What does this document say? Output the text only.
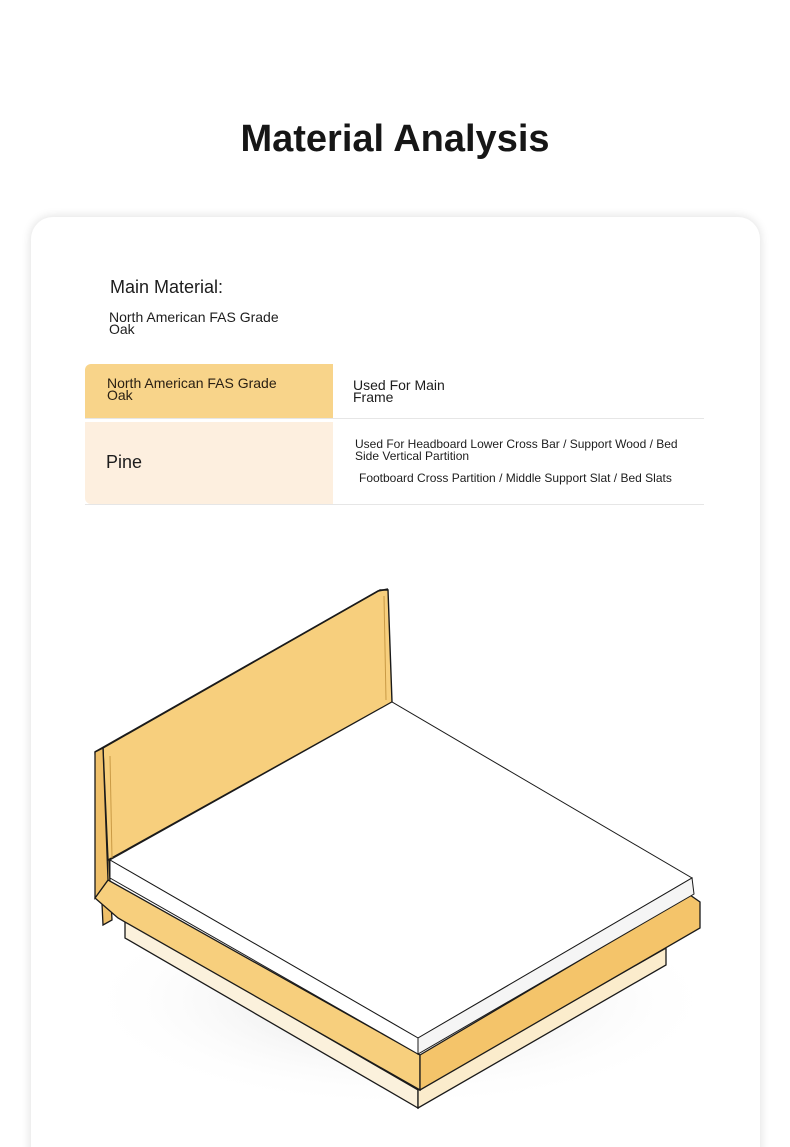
Material Analysis
Main Material:
North American FAS Grade Oak
North American FAS Grade Oak
Used For Main Frame
Pine
Used For Headboard Lower Cross Bar / Support Wood / Bed Side Vertical Partition
Footboard Cross Partition / Middle Support Slat / Bed Slats
